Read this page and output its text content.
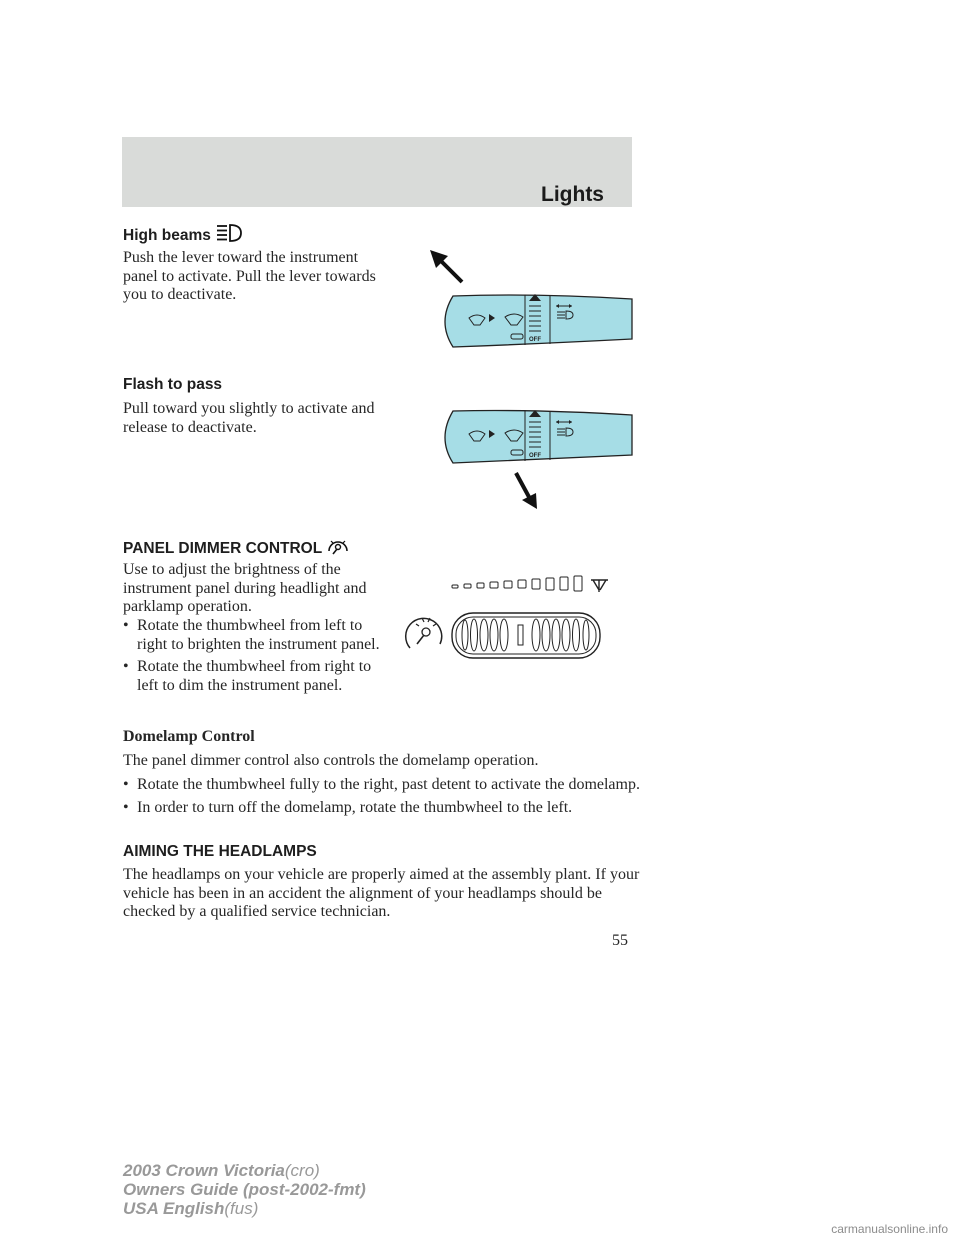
Lights
High beams
Push the lever toward the instrument panel to activate. Pull the lever towards you to deactivate.
OFF
Flash to pass
Pull toward you slightly to activate and release to deactivate.
OFF
PANEL DIMMER CONTROL
Use to adjust the brightness of the instrument panel during headlight and parklamp operation.
• Rotate the thumbwheel from left to right to brighten the instrument panel.
• Rotate the thumbwheel from right to left to dim the instrument panel.
Domelamp Control
The panel dimmer control also controls the domelamp operation.
• Rotate the thumbwheel fully to the right, past detent to activate the domelamp.
• In order to turn off the domelamp, rotate the thumbwheel to the left.
AIMING THE HEADLAMPS
The headlamps on your vehicle are properly aimed at the assembly plant. If your vehicle has been in an accident the alignment of your headlamps should be checked by a qualified service technician.
55
2003 Crown Victoria(cro)
Owners Guide (post-2002-fmt)
USA English(fus)
carmanualsonline.info
